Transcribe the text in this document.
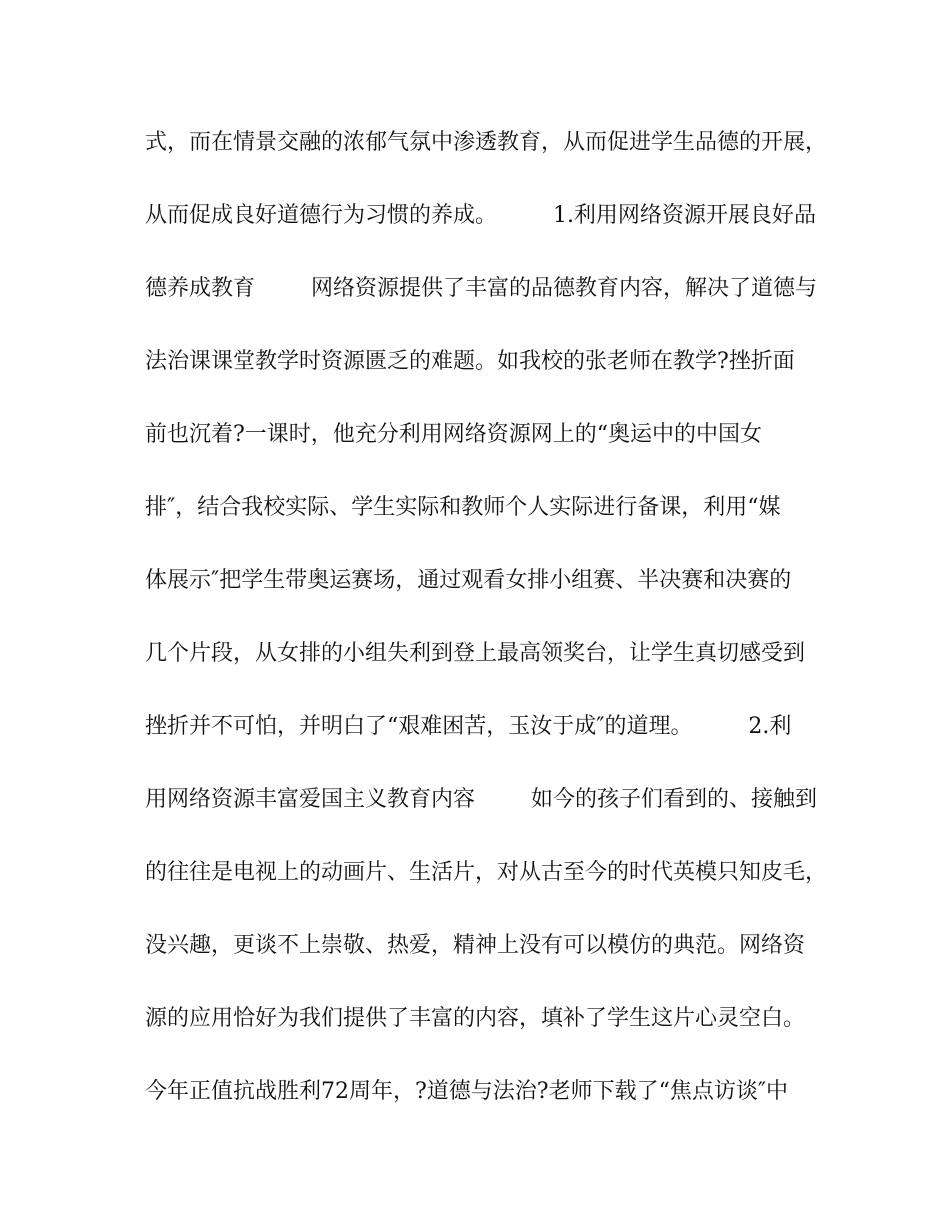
式，而在情景交融的浓郁气氛中渗透教育，从而促进学生品德的开展，
从而促成良好道德行为习惯的养成。        1.利用网络资源开展良好品
德养成教育        网络资源提供了丰富的品德教育内容，解决了道德与
法治课课堂教学时资源匮乏的难题。如我校的张老师在教学?挫折面
前也沉着?一课时，他充分利用网络资源网上的“奥运中的中国女
排″，结合我校实际、学生实际和教师个人实际进行备课，利用“媒
体展示″把学生带奥运赛场，通过观看女排小组赛、半决赛和决赛的
几个片段，从女排的小组失利到登上最高领奖台，让学生真切感受到
挫折并不可怕，并明白了“艰难困苦，玉汝于成″的道理。        2.利
用网络资源丰富爱国主义教育内容        如今的孩子们看到的、接触到
的往往是电视上的动画片、生活片，对从古至今的时代英模只知皮毛，
没兴趣，更谈不上崇敬、热爱，精神上没有可以模仿的典范。网络资
源的应用恰好为我们提供了丰富的内容，填补了学生这片心灵空白。
今年正值抗战胜利72周年，?道德与法治?老师下载了“焦点访谈″中
